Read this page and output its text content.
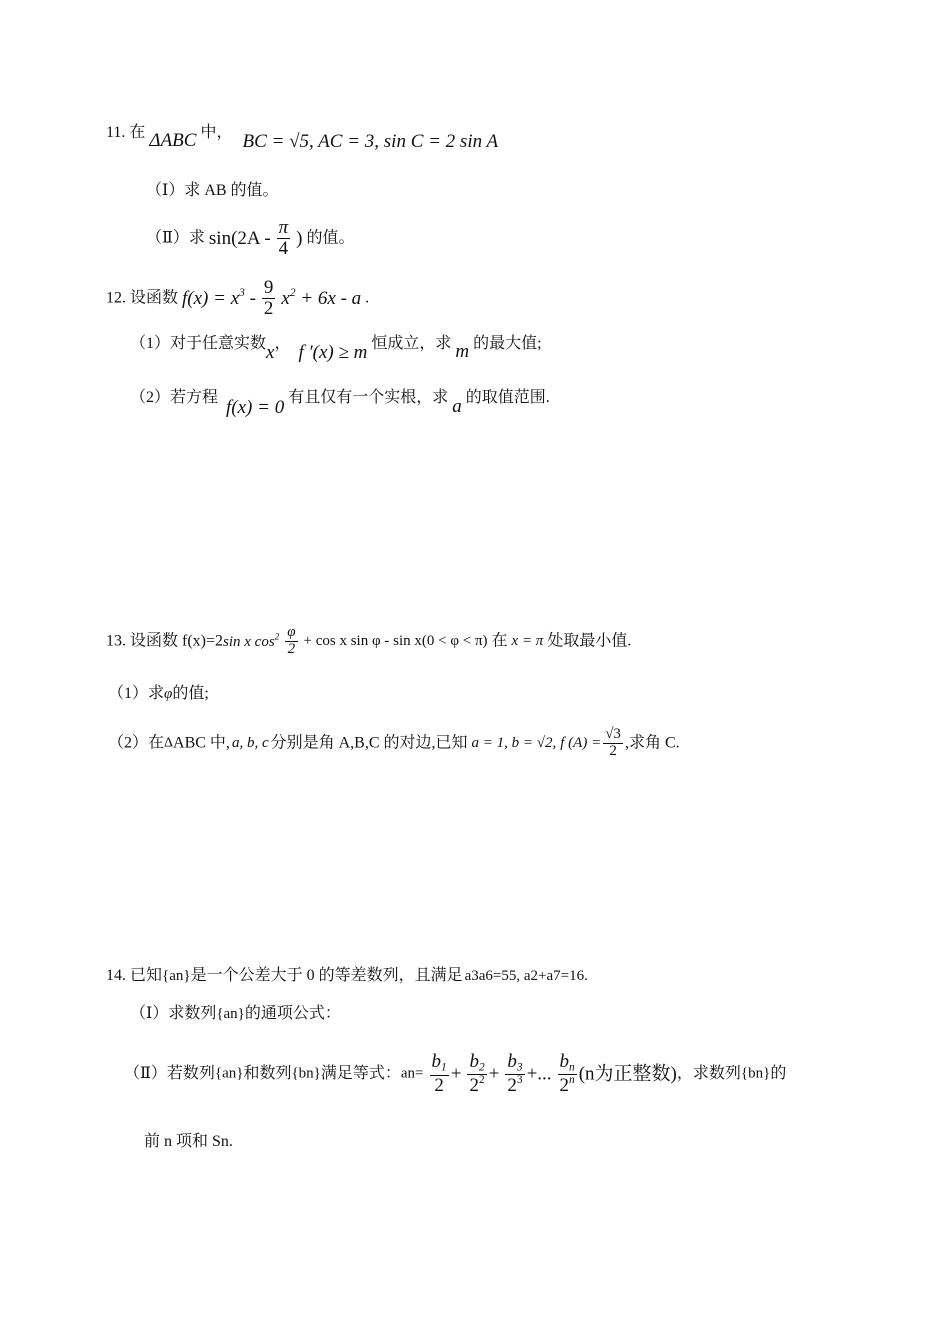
11. 在 ΔABC 中， BC = √5, AC = 3, sin C = 2 sin A
（Ⅰ）求 AB 的值。
（Ⅱ）求 $\sin(2A - \frac{\pi}{4}$ ) 的值。
12. 设函数 $f(x) = x^3 - \frac{9}{2} x^2 + 6x - a$ .
（1）对于任意实数x， f ′(x) ≥ m 恒成立，求 m 的最大值;
（2）若方程 f(x) = 0 有且仅有一个实根，求 a 的取值范围.
13. 设函数 f(x)=2sin x $\cos^2 \frac{\varphi}{2} + \cos x$ sin φ - sin x(0 < φ < π) 在 x = π 处取最小值.
（1）求φ的值;
（2）在ΔABC 中, a, b, c 分别是角 A,B,C 的对边,已知 a = 1, b = √2, f $(A) = \frac{√3}{2}$ ,求角 C.
14. 已知{an}是一个公差大于 0 的等差数列，且满足 a3a6=55, a2+a7=16.
（Ⅰ）求数列{an}的通项公式：
（Ⅱ）若数列{an}和数列{bn}满足等式：$an= \frac{b_1}{2} + \frac{b_2}{2^2} + \frac{b_3}{2^3}$ +... $\frac{b_n}{2^n} (n$为正整数)，求数列{bn}的
前 n 项和 Sn.
